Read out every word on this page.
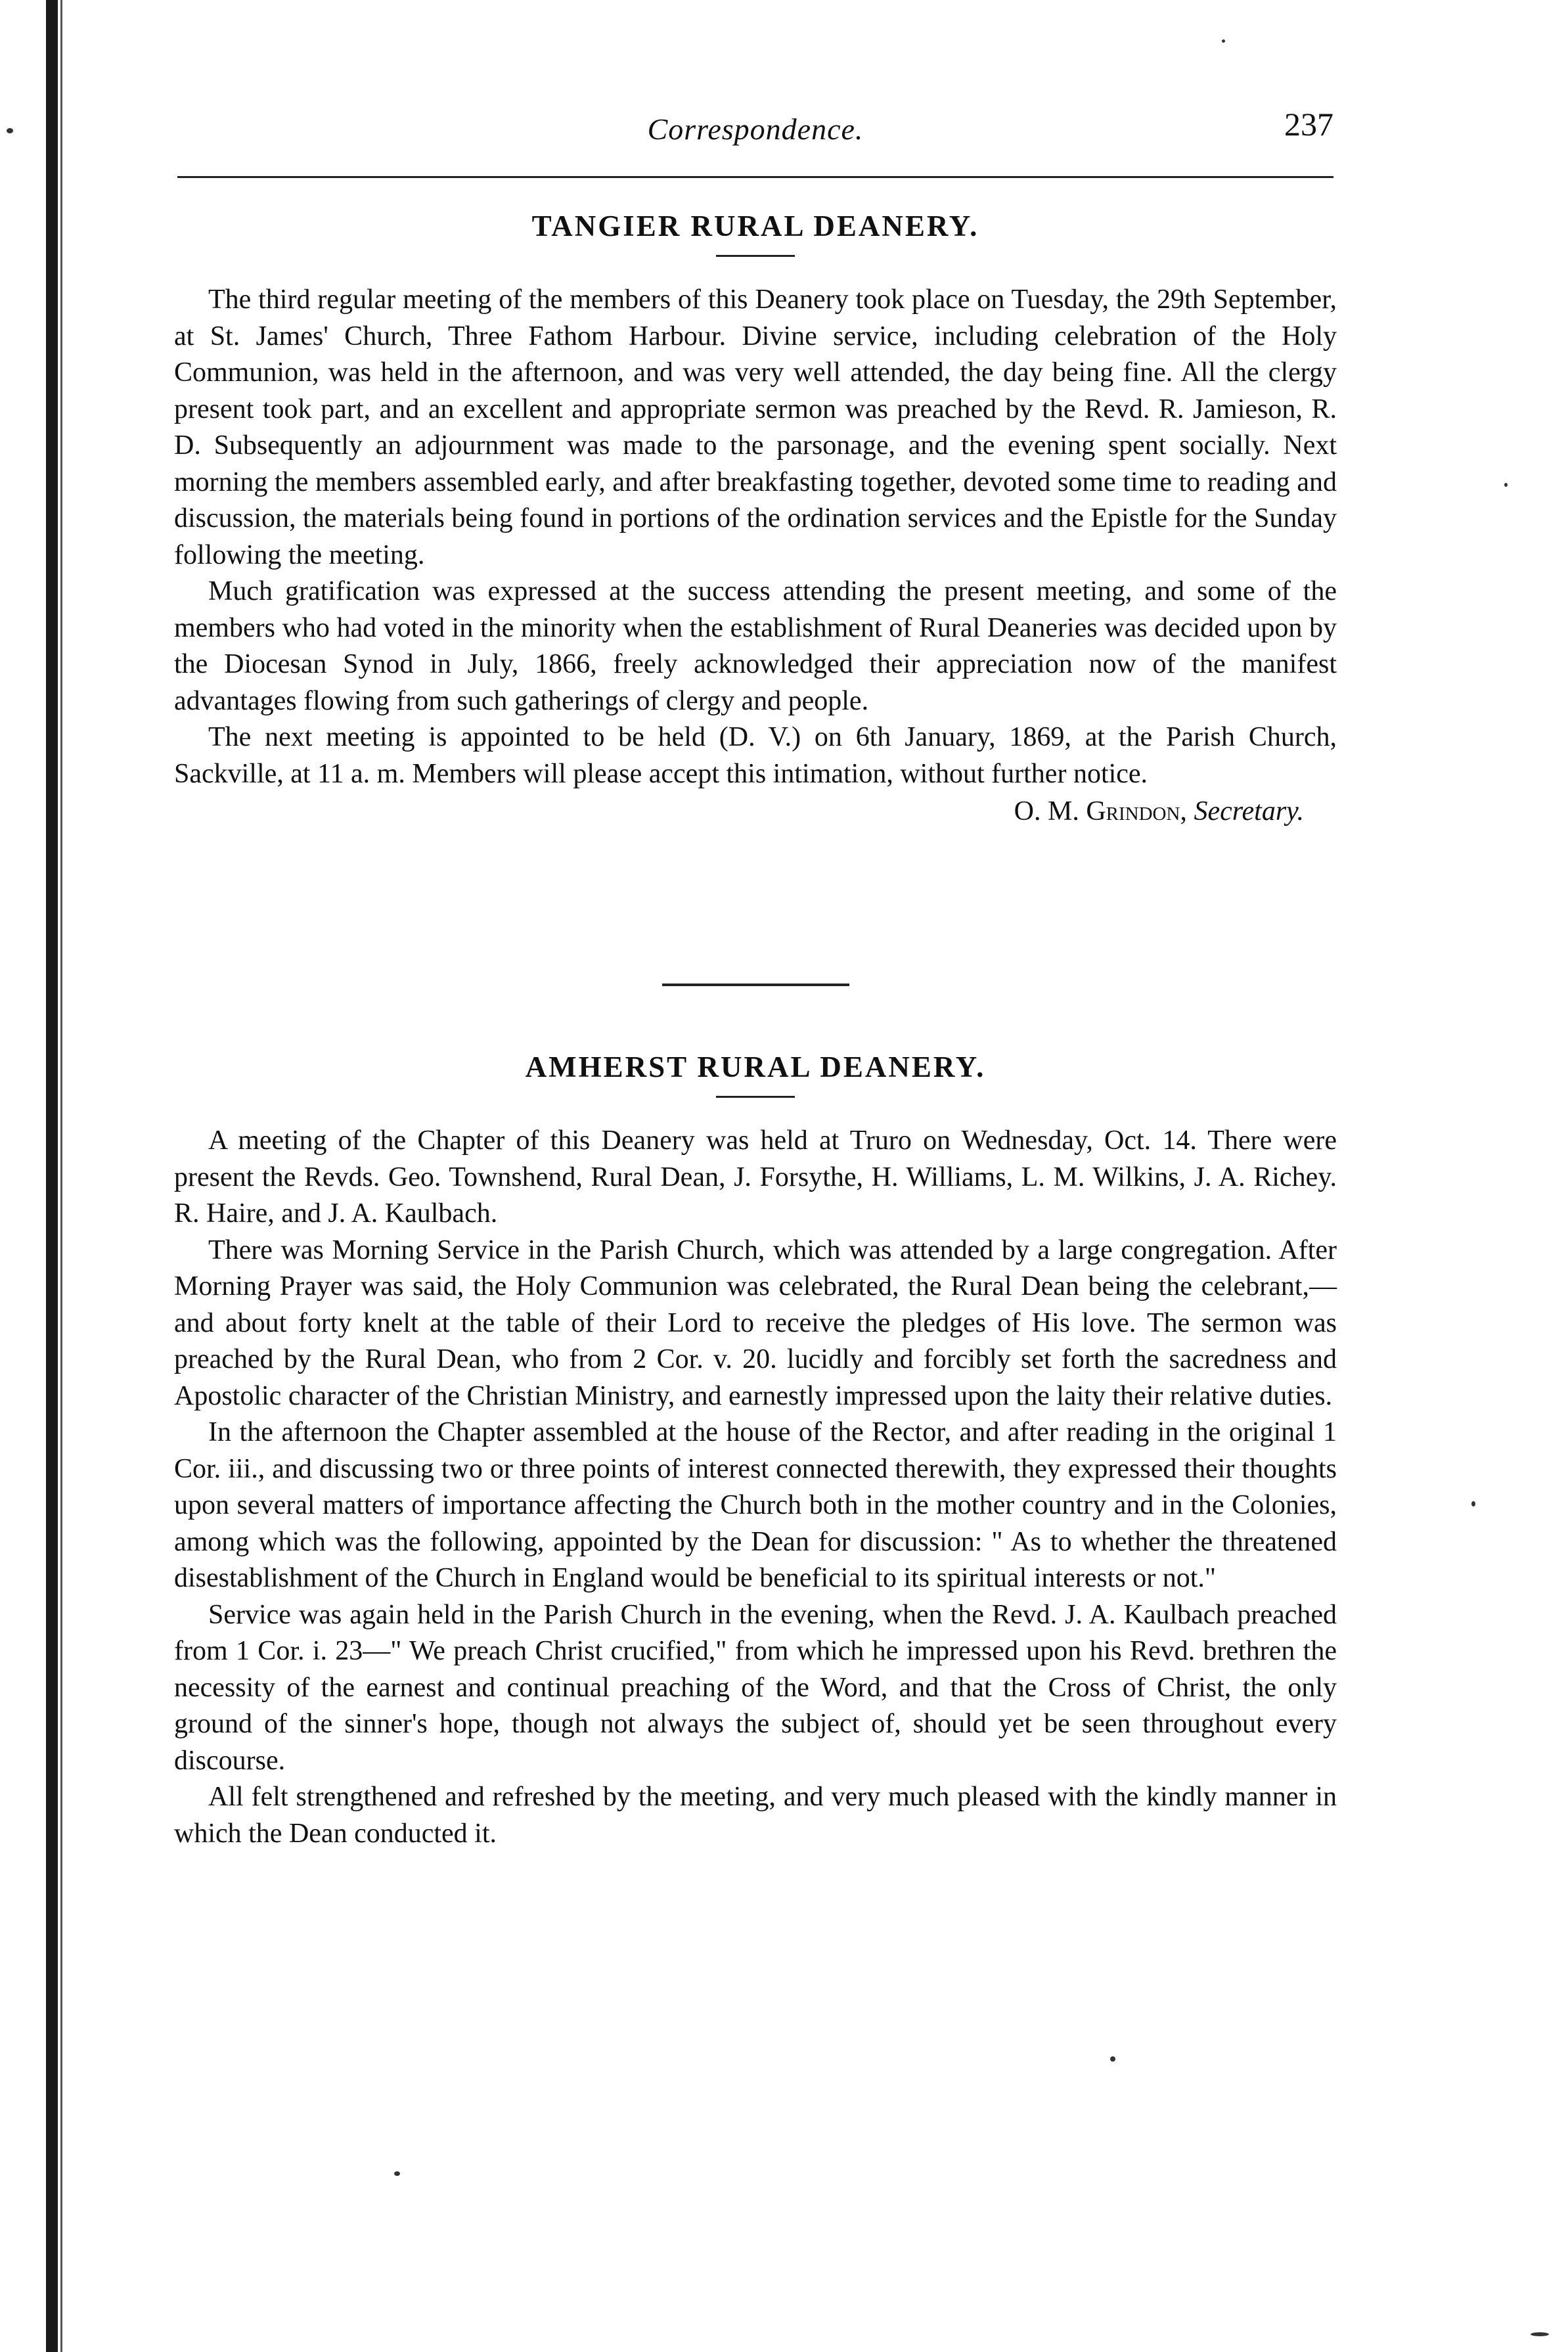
Correspondence.	237
TANGIER RURAL DEANERY.

The third regular meeting of the members of this Deanery took place on Tuesday, the 29th September, at St. James' Church, Three Fathom Harbour. Divine service, including celebration of the Holy Communion, was held in the afternoon, and was very well attended, the day being fine. All the clergy present took part, and an excellent and appropriate sermon was preached by the Revd. R. Jamieson, R. D. Subsequently an adjournment was made to the parsonage, and the evening spent socially. Next morning the members assembled early, and after breakfasting together, devoted some time to reading and discussion, the materials being found in portions of the ordination services and the Epistle for the Sunday following the meeting.

Much gratification was expressed at the success attending the present meeting, and some of the members who had voted in the minority when the establishment of Rural Deaneries was decided upon by the Diocesan Synod in July, 1866, freely acknowledged their appreciation now of the manifest advantages flowing from such gatherings of clergy and people.

The next meeting is appointed to be held (D. V.) on 6th January, 1869, at the Parish Church, Sackville, at 11 a. m. Members will please accept this intimation, without further notice.

O. M. Grindon, Secretary.
AMHERST RURAL DEANERY.

A meeting of the Chapter of this Deanery was held at Truro on Wednesday, Oct. 14. There were present the Revds. Geo. Townshend, Rural Dean, J. Forsythe, H. Williams, L. M. Wilkins, J. A. Richey. R. Haire, and J. A. Kaulbach.

There was Morning Service in the Parish Church, which was attended by a large congregation. After Morning Prayer was said, the Holy Communion was celebrated, the Rural Dean being the celebrant,—and about forty knelt at the table of their Lord to receive the pledges of His love. The sermon was preached by the Rural Dean, who from 2 Cor. v. 20. lucidly and forcibly set forth the sacredness and Apostolic character of the Christian Ministry, and earnestly impressed upon the laity their relative duties.

In the afternoon the Chapter assembled at the house of the Rector, and after reading in the original 1 Cor. iii., and discussing two or three points of interest connected therewith, they expressed their thoughts upon several matters of importance affecting the Church both in the mother country and in the Colonies, among which was the following, appointed by the Dean for discussion: " As to whether the threatened disestablishment of the Church in England would be beneficial to its spiritual interests or not."

Service was again held in the Parish Church in the evening, when the Revd. J. A. Kaulbach preached from 1 Cor. i. 23—" We preach Christ crucified," from which he impressed upon his Revd. brethren the necessity of the earnest and continual preaching of the Word, and that the Cross of Christ, the only ground of the sinner's hope, though not always the subject of, should yet be seen throughout every discourse.

All felt strengthened and refreshed by the meeting, and very much pleased with the kindly manner in which the Dean conducted it.
